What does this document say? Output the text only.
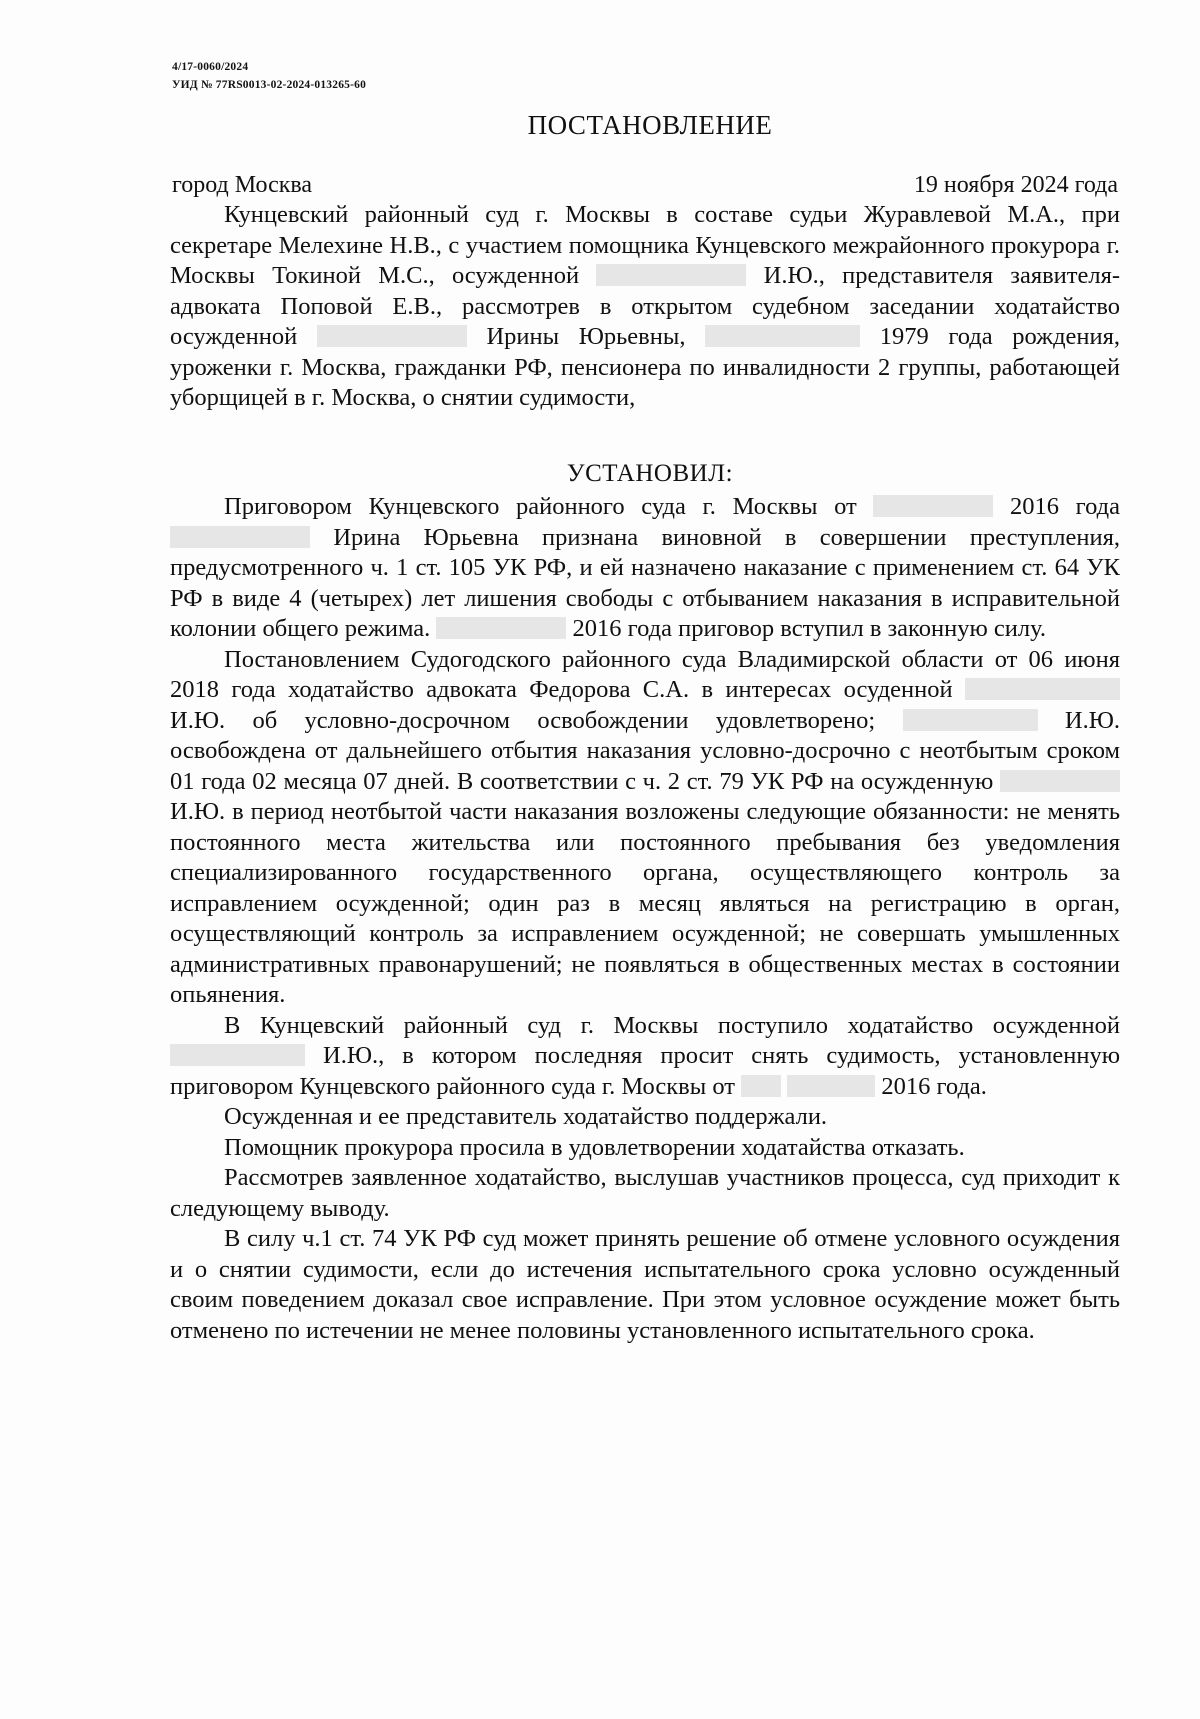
4/17-0060/2024
УИД № 77RS0013-02-2024-013265-60
ПОСТАНОВЛЕНИЕ
город Москва	19 ноября 2024 года

Кунцевский районный суд г. Москвы в составе судьи Журавлевой М.А., при секретаре Мелехине Н.В., с участием помощника Кунцевского межрайонного прокурора г. Москвы Токиной М.С., осужденной	И.Ю., представителя заявителя-адвоката Поповой Е.В., рассмотрев в открытом судебном заседании ходатайство осужденной	Ирины Юрьевны,	1979 года рождения, уроженки г. Москва, гражданки РФ, пенсионера по инвалидности 2 группы, работающей уборщицей в г. Москва, о снятии судимости,

УСТАНОВИЛ:

Приговором Кунцевского районного суда г. Москвы от	2016 года  Ирина Юрьевна признана виновной в совершении преступления, предусмотренного ч. 1 ст. 105 УК РФ, и ей назначено наказание с применением ст. 64 УК РФ в виде 4 (четырех) лет лишения свободы с отбыванием наказания в исправительной колонии общего режима.	2016 года приговор вступил в законную силу.

Постановлением Судогодского районного суда Владимирской области от 06 июня 2018 года ходатайство адвоката Федорова С.А. в интересах осуденной  И.Ю. об условно-досрочном освобождении удовлетворено;	И.Ю. освобождена от дальнейшего отбытия наказания условно-досрочно с неотбытым сроком 01 года 02 месяца 07 дней. В соответствии с ч. 2 ст. 79 УК РФ на осужденную  И.Ю. в период неотбытой части наказания возложены следующие обязанности: не менять постоянного места жительства или постоянного пребывания без уведомления специализированного государственного органа, осуществляющего контроль за исправлением осужденной; один раз в месяц являться на регистрацию в орган, осуществляющий контроль за исправлением осужденной; не совершать умышленных административных правонарушений; не появляться в общественных местах в состоянии опьянения.

В Кунцевский районный суд г. Москвы поступило ходатайство осужденной  И.Ю., в котором последняя просит снять судимость, установленную приговором Кунцевского районного суда г. Москвы от	2016 года.

Осужденная и ее представитель ходатайство поддержали.

Помощник прокурора просила в удовлетворении ходатайства отказать.

Рассмотрев заявленное ходатайство, выслушав участников процесса, суд приходит к следующему выводу.

В силу ч.1 ст. 74 УК РФ суд может принять решение об отмене условного осуждения и о снятии судимости, если до истечения испытательного срока условно осужденный своим поведением доказал свое исправление. При этом условное осуждение может быть отменено по истечении не менее половины установленного испытательного срока.
